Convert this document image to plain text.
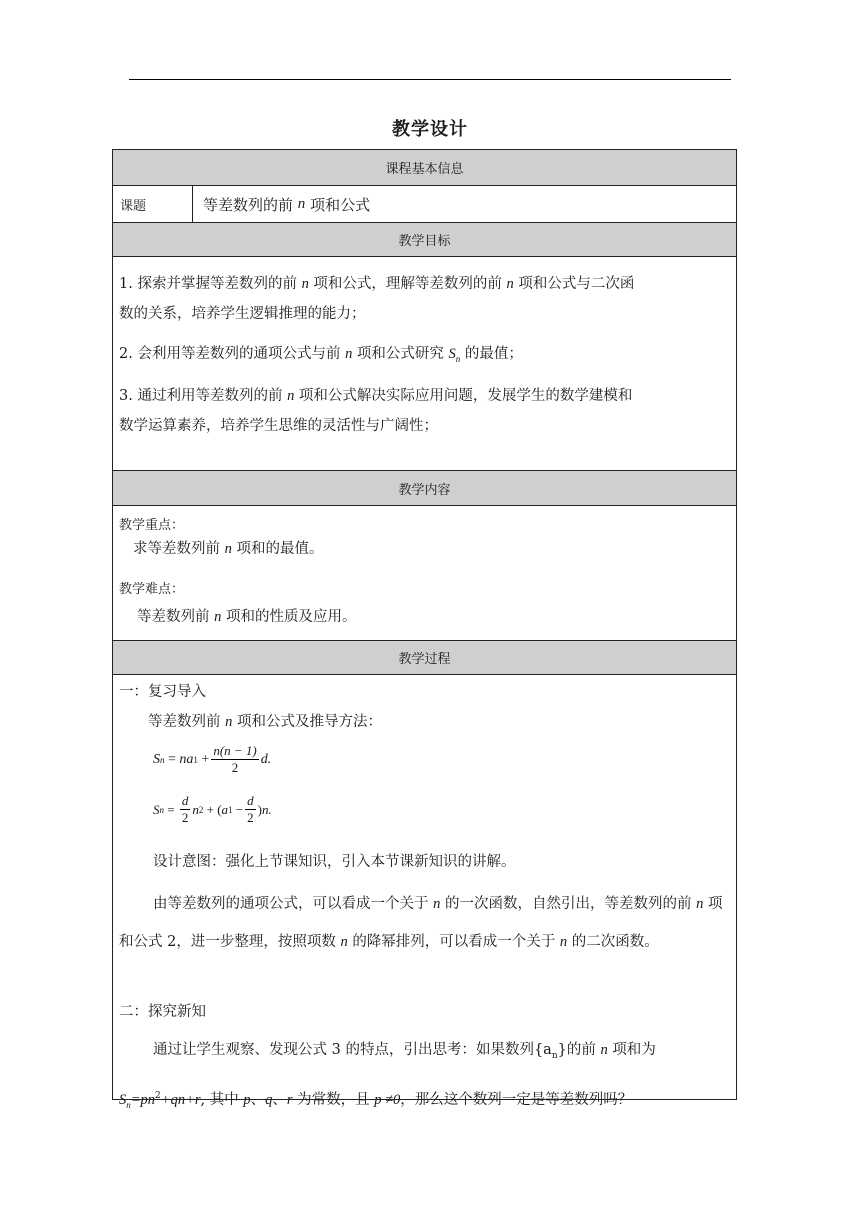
教学设计
课程基本信息
课题	等差数列的前
n
项和公式
教学目标
1. 探索并掌握等差数列的前 n 项和公式，理解等差数列的前 n 项和公式与二次函
数的关系，培养学生逻辑推理的能力；
2. 会利用等差数列的通项公式与前 n 项和公式研究 $S_n$ 的最值；
3. 通过利用等差数列的前 n 项和公式解决实际应用问题，发展学生的数学建模和
数学运算素养，培养学生思维的灵活性与广阔性；
教学内容
教学重点：
求等差数列前 n 项和的最值。
教学难点：
等差数列前 n 项和的性质及应用。
教学过程
一：复习导入
等差数列前 n 项和公式及推导方法：
S n
=
na 1
+ $\frac{n(n - 1)}{2} d$.
S n
=
$\frac{d}{2}$ n 2
+
( a 1
− $\frac{d}{2}$ ) n.
设计意图：强化上节课知识，引入本节课新知识的讲解。
由等差数列的通项公式，可以看成一个关于 n 的一次函数，自然引出，等差数列的前 n 项和公式 2，进一步整理，按照项数 n 的降幂排列，可以看成一个关于 n 的二次函数。
二：探究新知
通过让学生观察、发现公式 3 的特点，引出思考：如果数列$\{a_n\}$的前 n 项和为$S_n=pn^2+qn+r$, 其中 p、q、r 为常数，且 p ≠0，那么这个数列一定是等差数列吗？
